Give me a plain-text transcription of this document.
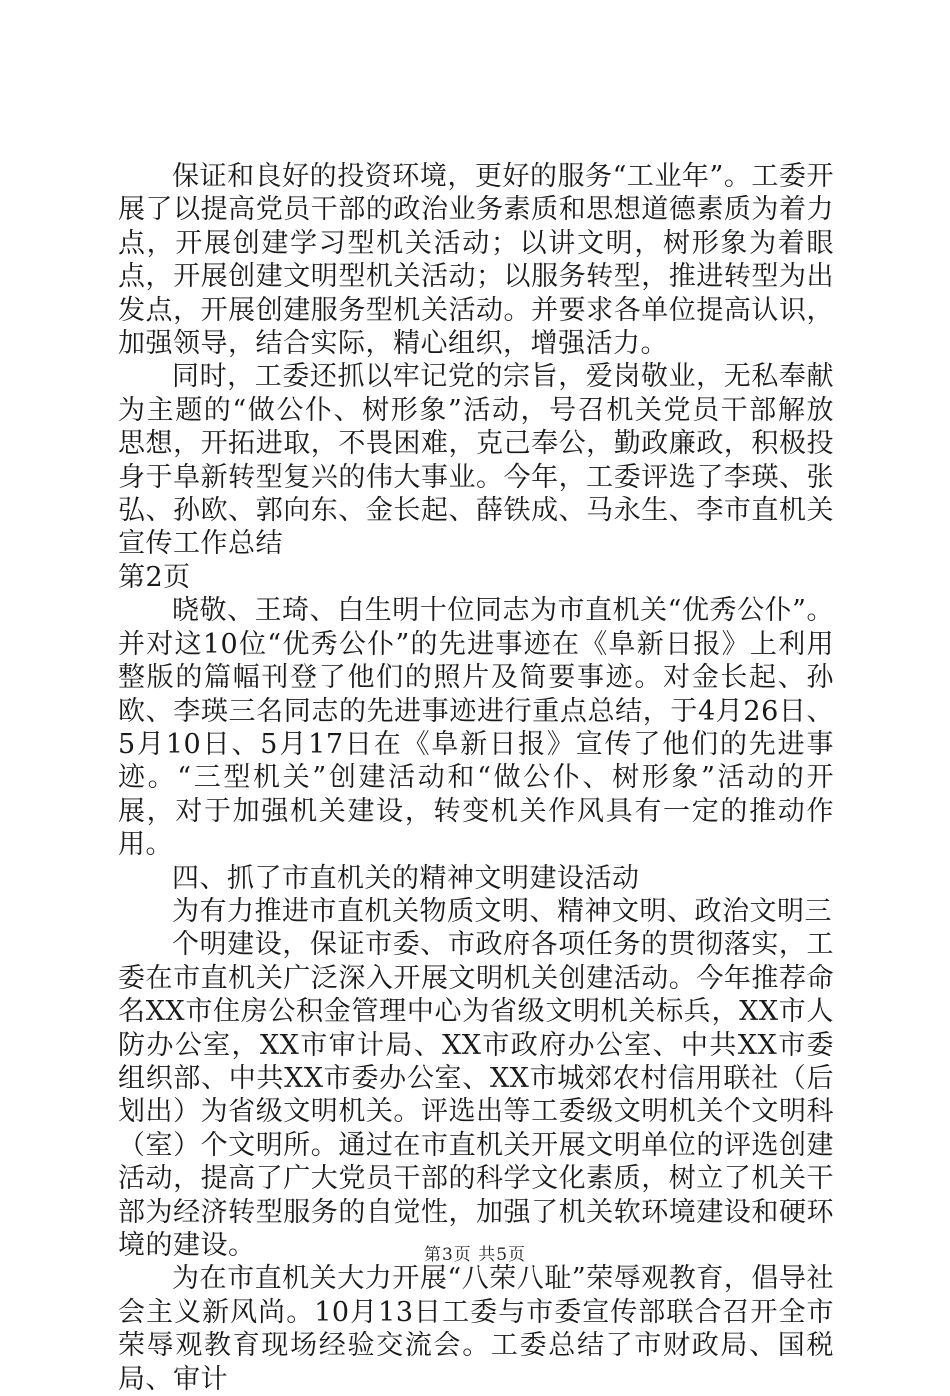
保证和良好的投资环境，更好的服务“工业年”。工委开展了以提高党员干部的政治业务素质和思想道德素质为着力点，开展创建学习型机关活动；以讲文明，树形象为着眼点，开展创建文明型机关活动；以服务转型，推进转型为出发点，开展创建服务型机关活动。并要求各单位提高认识，加强领导，结合实际，精心组织，增强活力。

同时，工委还抓以牢记党的宗旨，爱岗敬业，无私奉献为主题的“做公仆、树形象”活动，号召机关党员干部解放思想，开拓进取，不畏困难，克己奉公，勤政廉政，积极投身于阜新转型复兴的伟大事业。今年，工委评选了李瑛、张弘、孙欧、郭向东、金长起、薛铁成、马永生、李市直机关宣传工作总结

第2页

晓敬、王琦、白生明十位同志为市直机关“优秀公仆”。并对这10位“优秀公仆”的先进事迹在《阜新日报》上利用整版的篇幅刊登了他们的照片及简要事迹。对金长起、孙欧、李瑛三名同志的先进事迹进行重点总结，于4月26日、5月10日、5月17日在《阜新日报》宣传了他们的先进事迹。“三型机关”创建活动和“做公仆、树形象”活动的开展，对于加强机关建设，转变机关作风具有一定的推动作用。

四、抓了市直机关的精神文明建设活动

为有力推进市直机关物质文明、精神文明、政治文明三

个明建设，保证市委、市政府各项任务的贯彻落实，工委在市直机关广泛深入开展文明机关创建活动。今年推荐命名XX市住房公积金管理中心为省级文明机关标兵，XX市人防办公室，XX市审计局、XX市政府办公室、中共XX市委组织部、中共XX市委办公室、XX市城郊农村信用联社（后划出）为省级文明机关。评选出等工委级文明机关个文明科（室）个文明所。通过在市直机关开展文明单位的评选创建活动，提高了广大党员干部的科学文化素质，树立了机关干部为经济转型服务的自觉性，加强了机关软环境建设和硬环境的建设。

为在市直机关大力开展“八荣八耻”荣辱观教育，倡导社会主义新风尚。10月13日工委与市委宣传部联合召开全市荣辱观教育现场经验交流会。工委总结了市财政局、国税局、审计

第3页 共5页
